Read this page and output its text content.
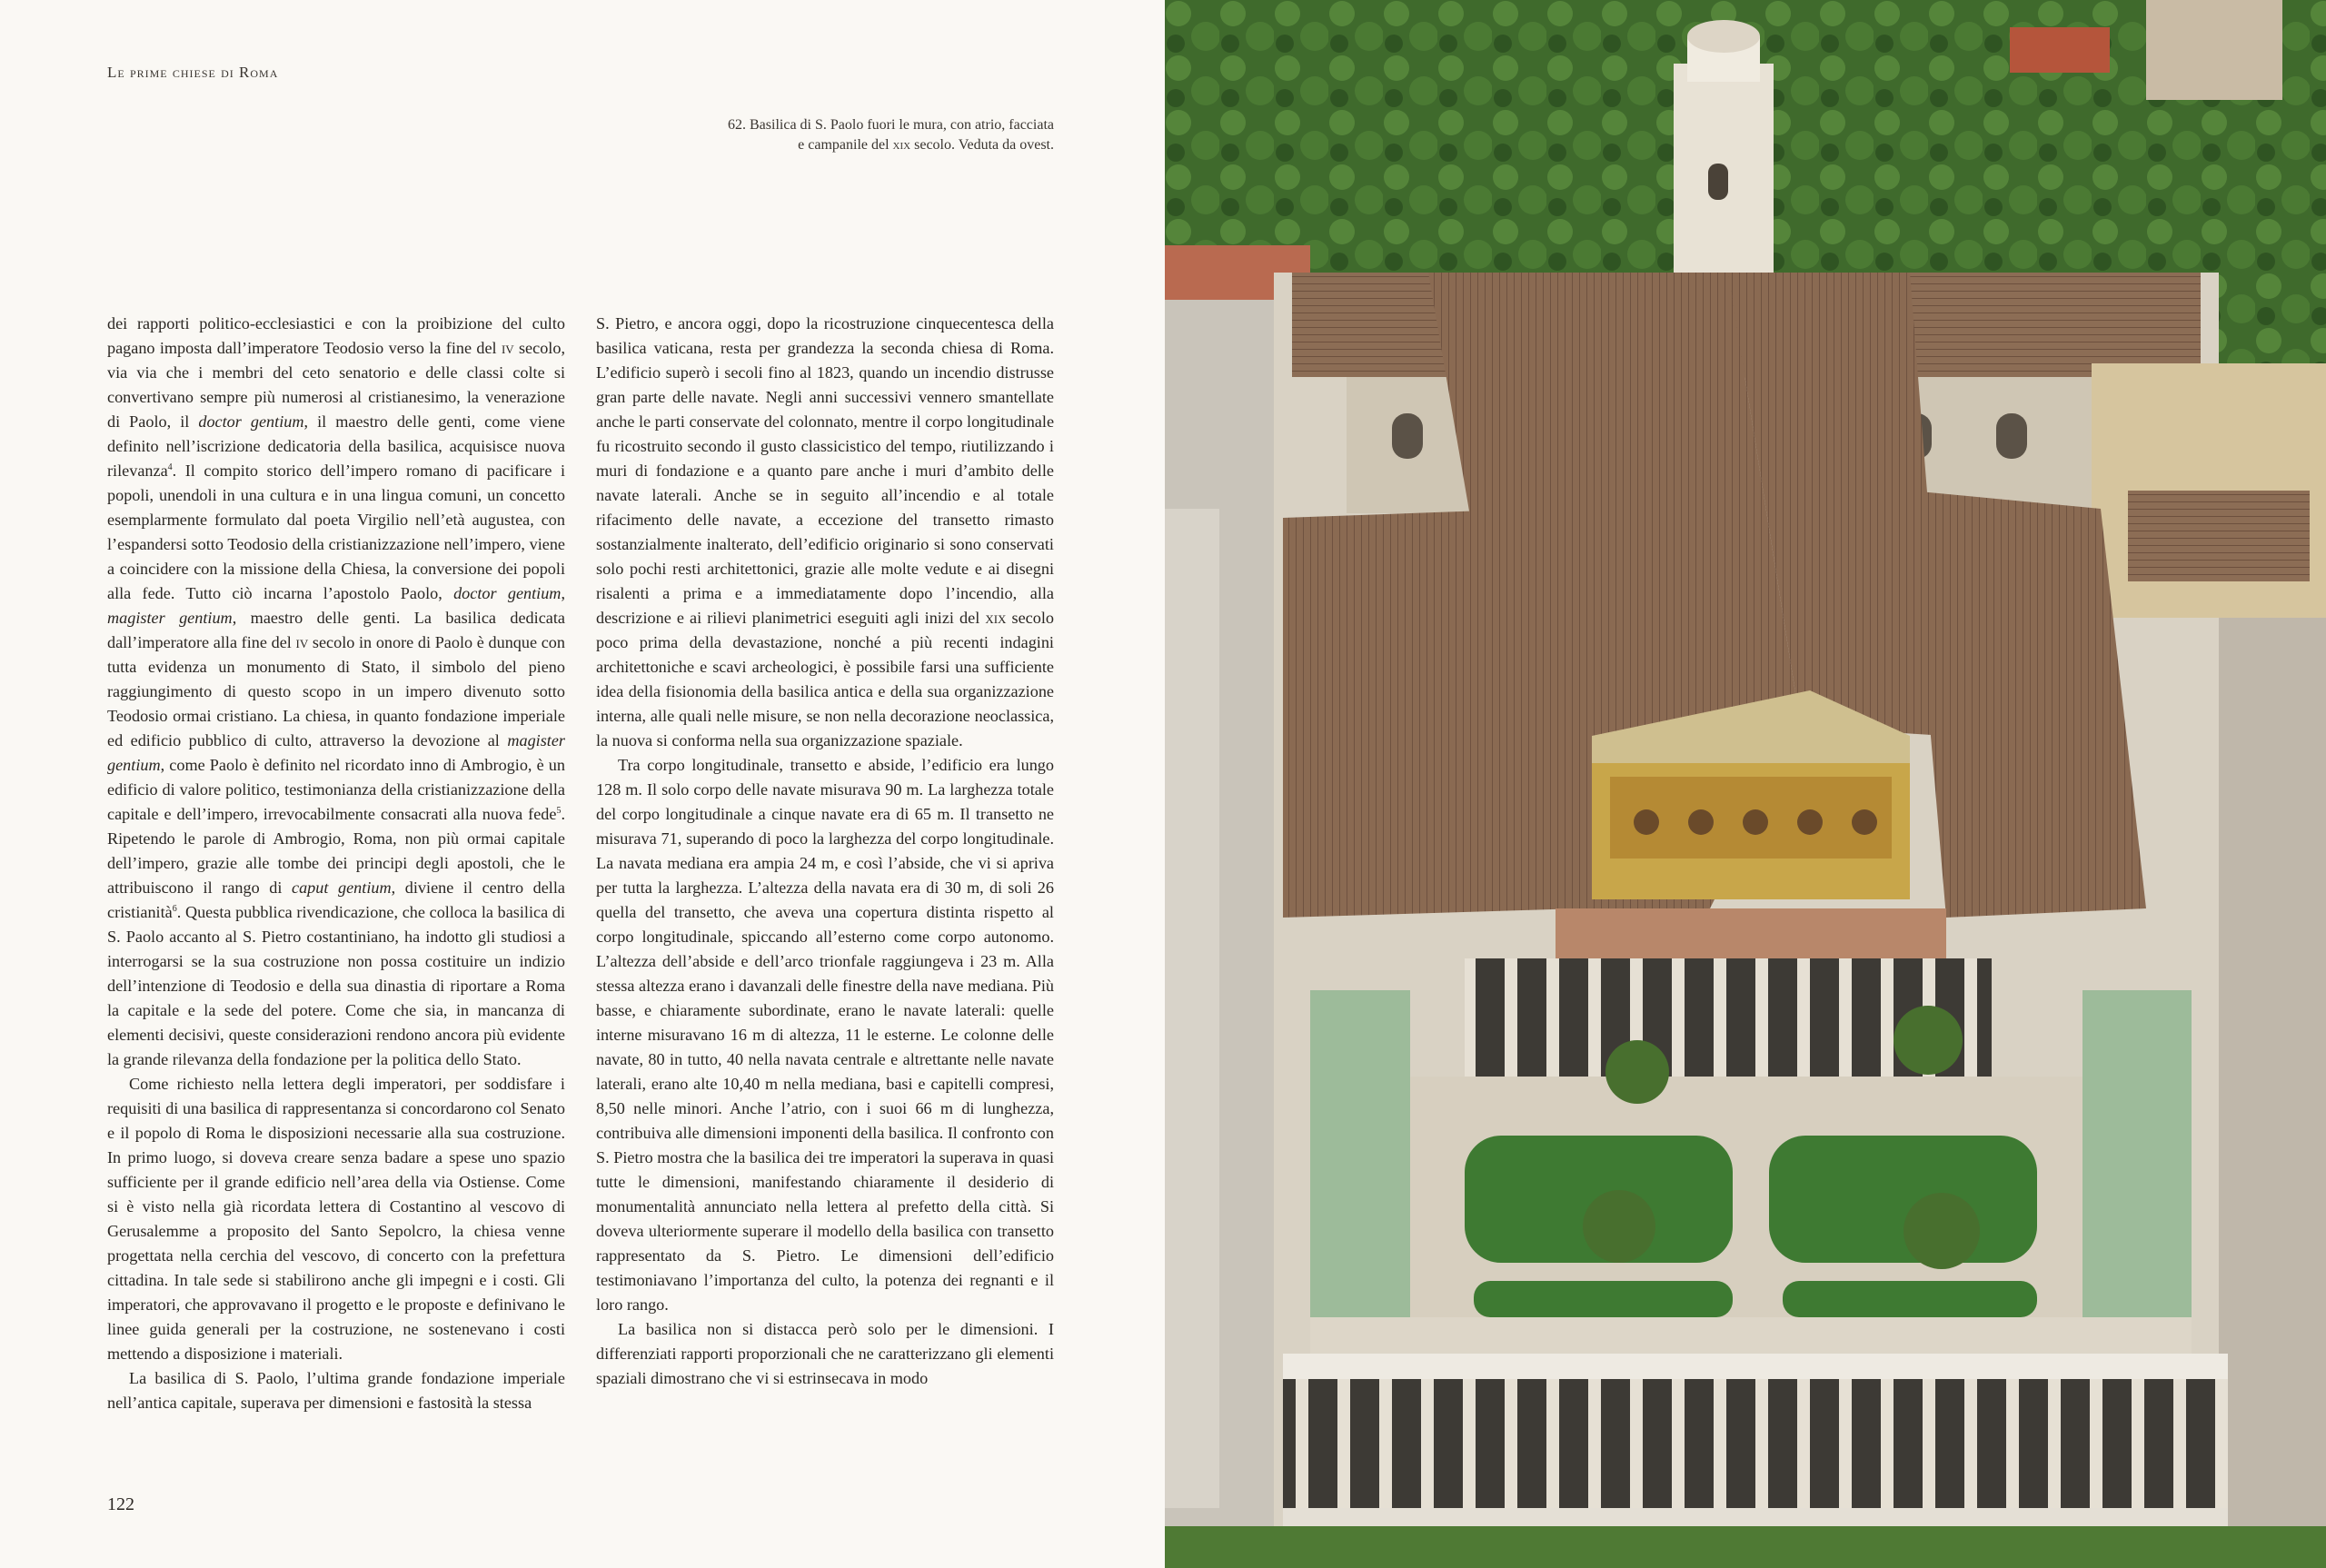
Le prime chiese di Roma
62. Basilica di S. Paolo fuori le mura, con atrio, facciata
e campanile del xix secolo. Veduta da ovest.

dei rapporti politico-ecclesiastici e con la proibizione del culto pagano imposta dall’imperatore Teodosio verso la fine del iv secolo, via via che i membri del ceto senatorio e delle classi colte si convertivano sempre più numerosi al cristianesimo, la venerazione di Paolo, il doctor gentium, il maestro delle genti, come viene definito nell’iscrizione dedicatoria della basilica, acquisisce nuova rilevanza$^4$. Il compito storico dell’impero romano di pacificare i popoli, unendoli in una cultura e in una lingua comuni, un concetto esemplarmente formulato dal poeta Virgilio nell’età augustea, con l’espandersi sotto Teodosio della cristianizzazione nell’impero, viene a coincidere con la missione della Chiesa, la conversione dei popoli alla fede. Tutto ciò incarna l’apostolo Paolo, doctor gentium, magister gentium, maestro delle genti. La basilica dedicata dall’imperatore alla fine del iv secolo in onore di Paolo è dunque con tutta evidenza un monumento di Stato, il simbolo del pieno raggiungimento di questo scopo in un impero divenuto sotto Teodosio ormai cristiano. La chiesa, in quanto fondazione imperiale ed edificio pubblico di culto, attraverso la devozione al magister gentium, come Paolo è definito nel ricordato inno di Ambrogio, è un edificio di valore politico, testimonianza della cristianizzazione della capitale e dell’impero, irrevocabilmente consacrati alla nuova fede$^5$. Ripetendo le parole di Ambrogio, Roma, non più ormai capitale dell’impero, grazie alle tombe dei principi degli apostoli, che le attribuiscono il rango di caput gentium, diviene il centro della cristianità$^6$. Questa pubblica rivendicazione, che colloca la basilica di S. Paolo accanto al S. Pietro costantiniano, ha indotto gli studiosi a interrogarsi se la sua costruzione non possa costituire un indizio dell’intenzione di Teodosio e della sua dinastia di riportare a Roma la capitale e la sede del potere. Come che sia, in mancanza di elementi decisivi, queste considerazioni rendono ancora più evidente la grande rilevanza della fondazione per la politica dello Stato.

Come richiesto nella lettera degli imperatori, per soddisfare i requisiti di una basilica di rappresentanza si concordarono col Senato e il popolo di Roma le disposizioni necessarie alla sua costruzione. In primo luogo, si doveva creare senza badare a spese uno spazio sufficiente per il grande edificio nell’area della via Ostiense. Come si è visto nella già ricordata lettera di Costantino al vescovo di Gerusalemme a proposito del Santo Sepolcro, la chiesa venne progettata nella cerchia del vescovo, di concerto con la prefettura cittadina. In tale sede si stabilirono anche gli impegni e i costi. Gli imperatori, che approvavano il progetto e le proposte e definivano le linee guida generali per la costruzione, ne sostenevano i costi mettendo a disposizione i materiali.

La basilica di S. Paolo, l’ultima grande fondazione imperiale nell’antica capitale, superava per dimensioni e fastosità la stessa

S. Pietro, e ancora oggi, dopo la ricostruzione cinquecentesca della basilica vaticana, resta per grandezza la seconda chiesa di Roma. L’edificio superò i secoli fino al 1823, quando un incendio distrusse gran parte delle navate. Negli anni successivi vennero smantellate anche le parti conservate del colonnato, mentre il corpo longitudinale fu ricostruito secondo il gusto classicistico del tempo, riutilizzando i muri di fondazione e a quanto pare anche i muri d’ambito delle navate laterali. Anche se in seguito all’incendio e al totale rifacimento delle navate, a eccezione del transetto rimasto sostanzialmente inalterato, dell’edificio originario si sono conservati solo pochi resti architettonici, grazie alle molte vedute e ai disegni risalenti a prima e a immediatamente dopo l’incendio, alla descrizione e ai rilievi planimetrici eseguiti agli inizi del xix secolo poco prima della devastazione, nonché a più recenti indagini architettoniche e scavi archeologici, è possibile farsi una sufficiente idea della fisionomia della basilica antica e della sua organizzazione interna, alle quali nelle misure, se non nella decorazione neoclassica, la nuova si conforma nella sua organizzazione spaziale.

Tra corpo longitudinale, transetto e abside, l’edificio era lungo 128 m. Il solo corpo delle navate misurava 90 m. La larghezza totale del corpo longitudinale a cinque navate era di 65 m. Il transetto ne misurava 71, superando di poco la larghezza del corpo longitudinale. La navata mediana era ampia 24 m, e così l’abside, che vi si apriva per tutta la larghezza. L’altezza della navata era di 30 m, di soli 26 quella del transetto, che aveva una copertura distinta rispetto al corpo longitudinale, spiccando all’esterno come corpo autonomo. L’altezza dell’abside e dell’arco trionfale raggiungeva i 23 m. Alla stessa altezza erano i davanzali delle finestre della nave mediana. Più basse, e chiaramente subordinate, erano le navate laterali: quelle interne misuravano 16 m di altezza, 11 le esterne. Le colonne delle navate, 80 in tutto, 40 nella navata centrale e altrettante nelle navate laterali, erano alte 10,40 m nella mediana, basi e capitelli compresi, 8,50 nelle minori. Anche l’atrio, con i suoi 66 m di lunghezza, contribuiva alle dimensioni imponenti della basilica. Il confronto con S. Pietro mostra che la basilica dei tre imperatori la superava in quasi tutte le dimensioni, manifestando chiaramente il desiderio di monumentalità annunciato nella lettera al prefetto della città. Si doveva ulteriormente superare il modello della basilica con transetto rappresentato da S. Pietro. Le dimensioni dell’edificio testimoniavano l’importanza del culto, la potenza dei regnanti e il loro rango.

La basilica non si distacca però solo per le dimensioni. I differenziati rapporti proporzionali che ne caratterizzano gli elementi spaziali dimostrano che vi si estrinsecava in modo

122
